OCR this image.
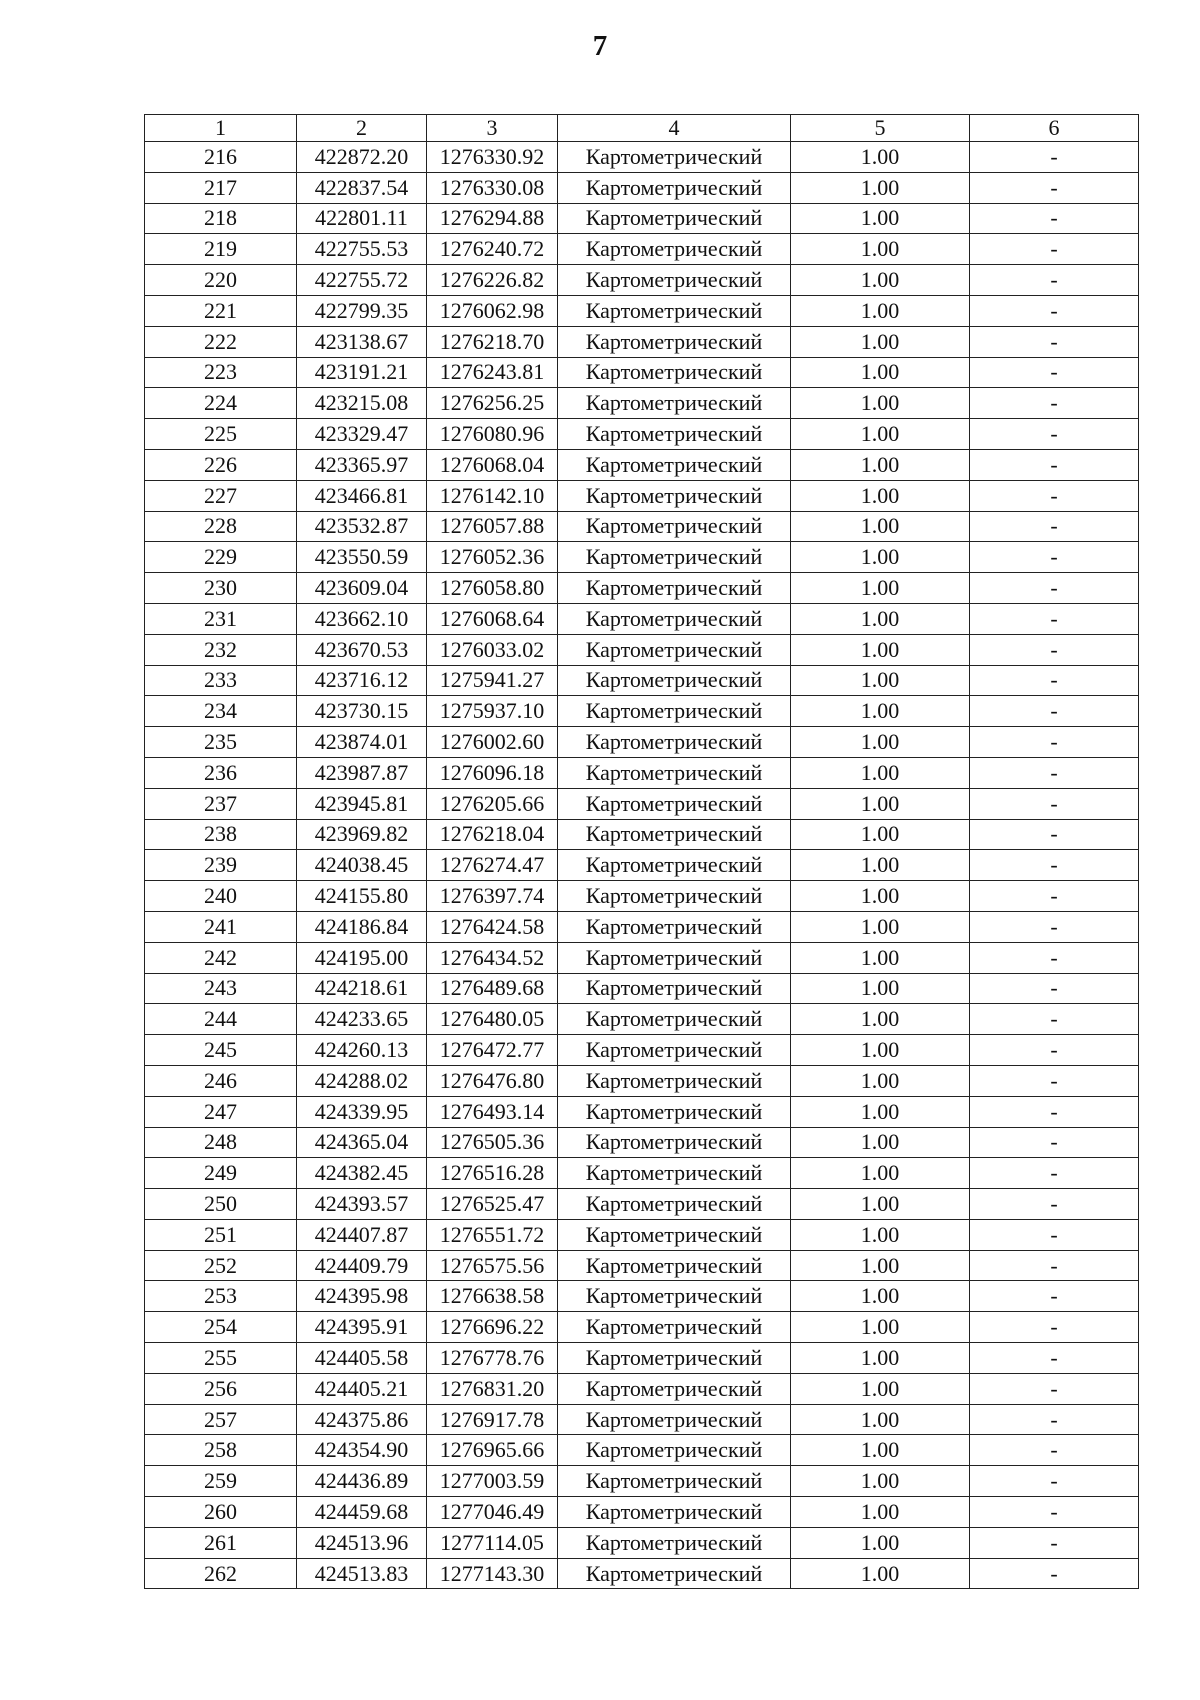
7
1	2	3	4	5	6
216	422872.20	1276330.92	Картометрический	1.00	-
217	422837.54	1276330.08	Картометрический	1.00	-
218	422801.11	1276294.88	Картометрический	1.00	-
219	422755.53	1276240.72	Картометрический	1.00	-
220	422755.72	1276226.82	Картометрический	1.00	-
221	422799.35	1276062.98	Картометрический	1.00	-
222	423138.67	1276218.70	Картометрический	1.00	-
223	423191.21	1276243.81	Картометрический	1.00	-
224	423215.08	1276256.25	Картометрический	1.00	-
225	423329.47	1276080.96	Картометрический	1.00	-
226	423365.97	1276068.04	Картометрический	1.00	-
227	423466.81	1276142.10	Картометрический	1.00	-
228	423532.87	1276057.88	Картометрический	1.00	-
229	423550.59	1276052.36	Картометрический	1.00	-
230	423609.04	1276058.80	Картометрический	1.00	-
231	423662.10	1276068.64	Картометрический	1.00	-
232	423670.53	1276033.02	Картометрический	1.00	-
233	423716.12	1275941.27	Картометрический	1.00	-
234	423730.15	1275937.10	Картометрический	1.00	-
235	423874.01	1276002.60	Картометрический	1.00	-
236	423987.87	1276096.18	Картометрический	1.00	-
237	423945.81	1276205.66	Картометрический	1.00	-
238	423969.82	1276218.04	Картометрический	1.00	-
239	424038.45	1276274.47	Картометрический	1.00	-
240	424155.80	1276397.74	Картометрический	1.00	-
241	424186.84	1276424.58	Картометрический	1.00	-
242	424195.00	1276434.52	Картометрический	1.00	-
243	424218.61	1276489.68	Картометрический	1.00	-
244	424233.65	1276480.05	Картометрический	1.00	-
245	424260.13	1276472.77	Картометрический	1.00	-
246	424288.02	1276476.80	Картометрический	1.00	-
247	424339.95	1276493.14	Картометрический	1.00	-
248	424365.04	1276505.36	Картометрический	1.00	-
249	424382.45	1276516.28	Картометрический	1.00	-
250	424393.57	1276525.47	Картометрический	1.00	-
251	424407.87	1276551.72	Картометрический	1.00	-
252	424409.79	1276575.56	Картометрический	1.00	-
253	424395.98	1276638.58	Картометрический	1.00	-
254	424395.91	1276696.22	Картометрический	1.00	-
255	424405.58	1276778.76	Картометрический	1.00	-
256	424405.21	1276831.20	Картометрический	1.00	-
257	424375.86	1276917.78	Картометрический	1.00	-
258	424354.90	1276965.66	Картометрический	1.00	-
259	424436.89	1277003.59	Картометрический	1.00	-
260	424459.68	1277046.49	Картометрический	1.00	-
261	424513.96	1277114.05	Картометрический	1.00	-
262	424513.83	1277143.30	Картометрический	1.00	-
